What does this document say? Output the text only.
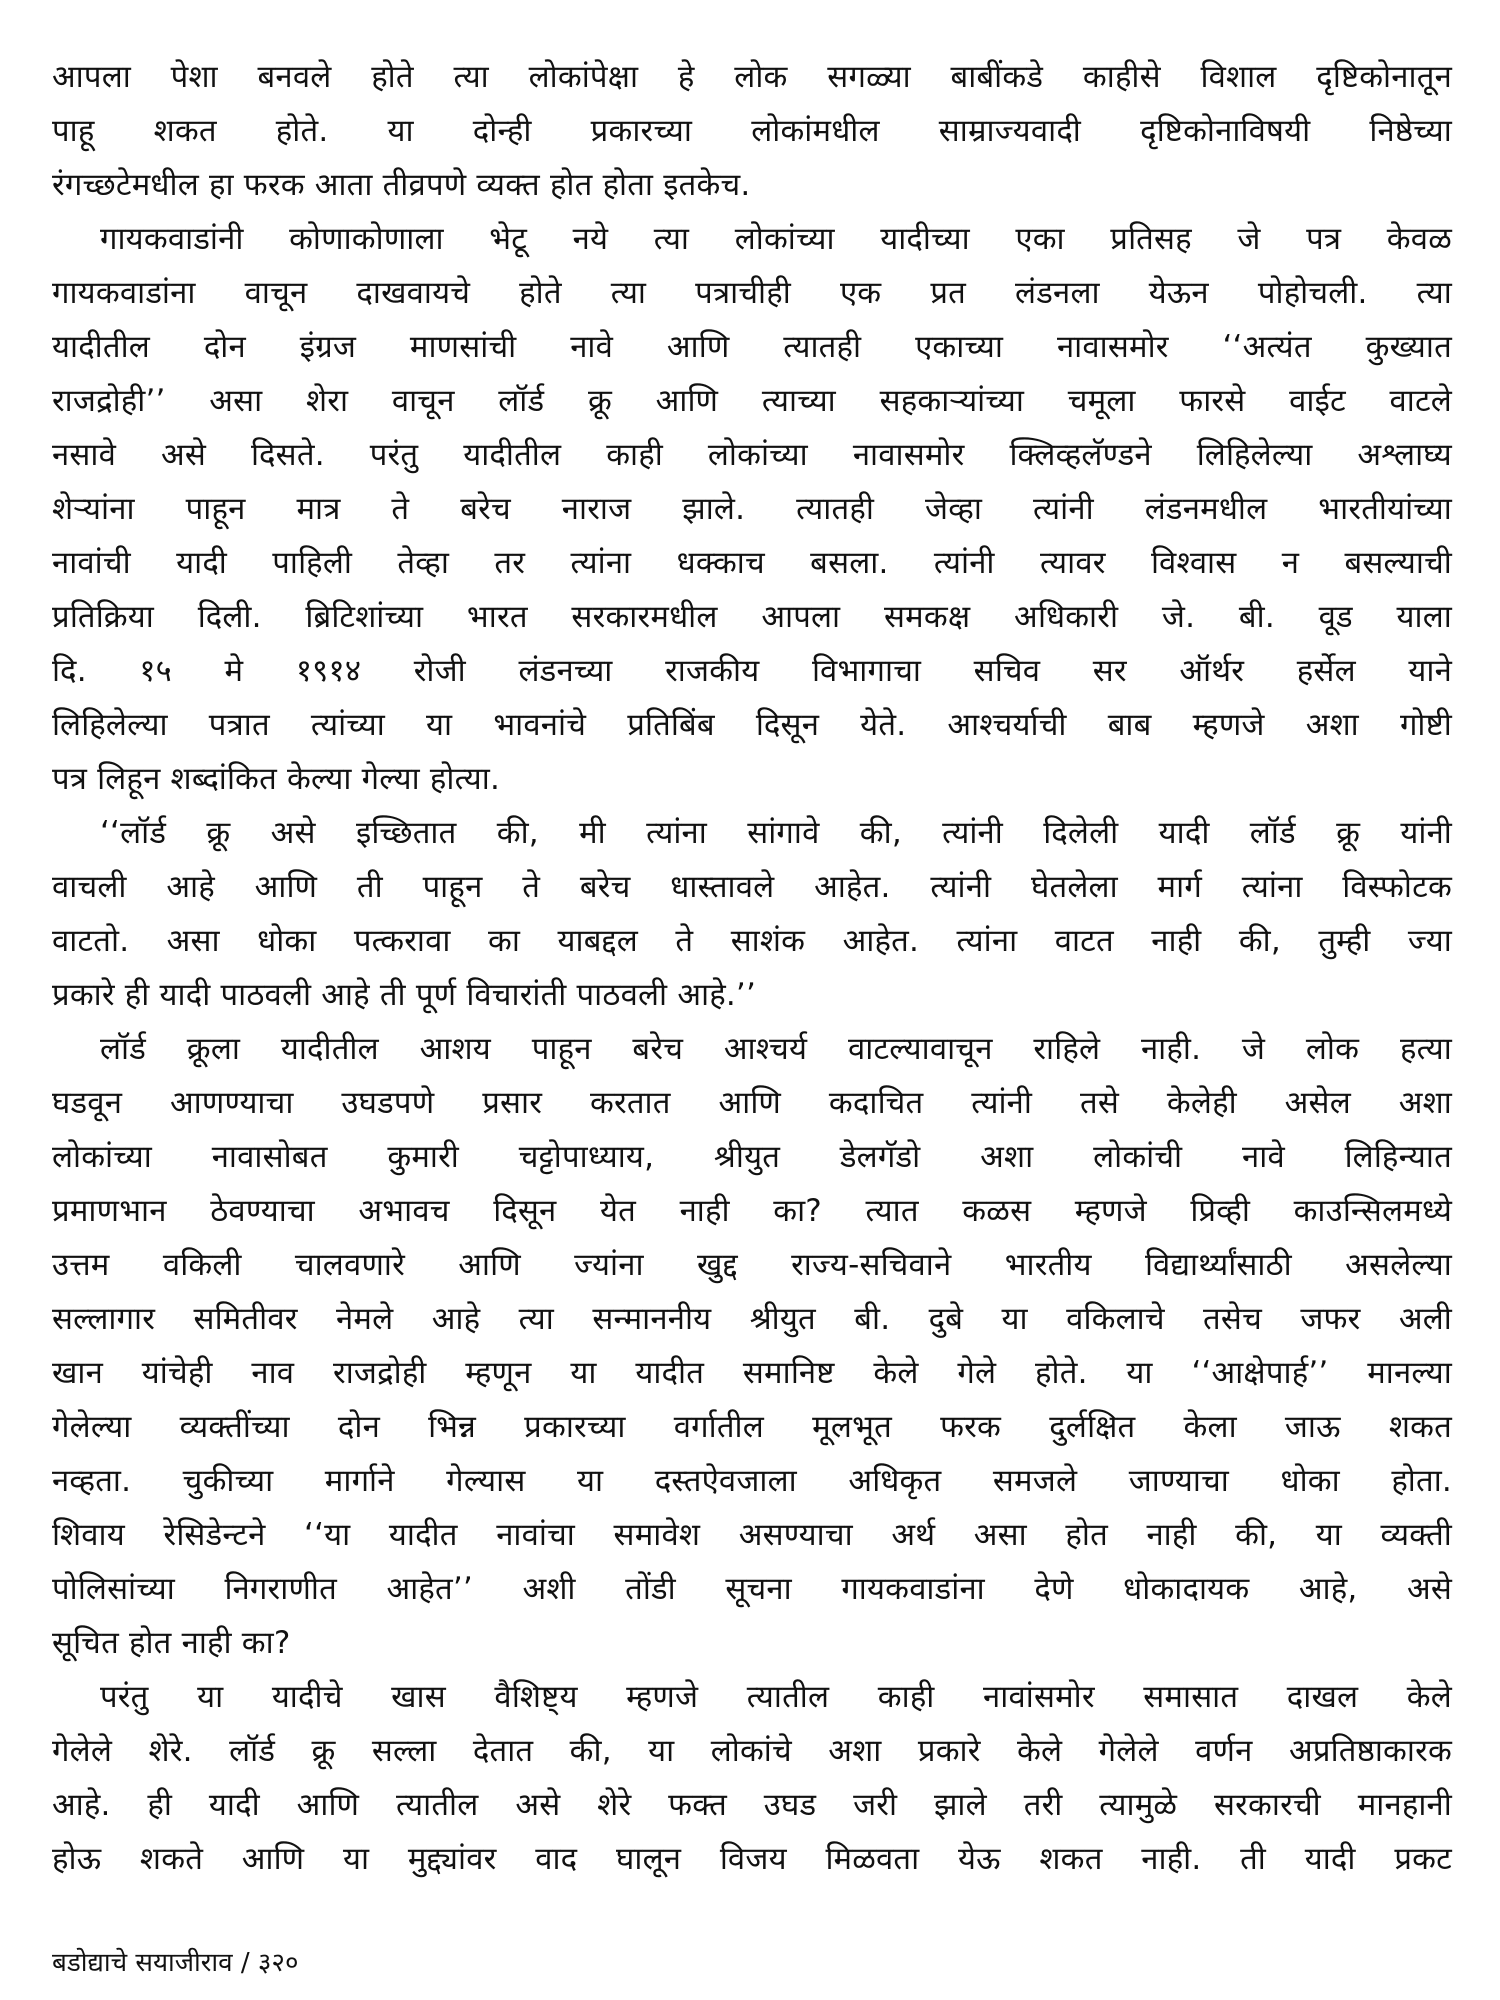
आपला पेशा बनवले होते त्या लोकांपेक्षा हे लोक सगळ्या बाबींकडे काहीसे विशाल दृष्टिकोनातून
पाहू शकत होते. या दोन्ही प्रकारच्या लोकांमधील साम्राज्यवादी दृष्टिकोनाविषयी निष्ठेच्या
रंगच्छटेमधील हा फरक आता तीव्रपणे व्यक्त होत होता इतकेच.
गायकवाडांनी कोणाकोणाला भेटू नये त्या लोकांच्या यादीच्या एका प्रतिसह जे पत्र केवळ
गायकवाडांना वाचून दाखवायचे होते त्या पत्राचीही एक प्रत लंडनला येऊन पोहोचली. त्या
यादीतील दोन इंग्रज माणसांची नावे आणि त्यातही एकाच्या नावासमोर ‘‘अत्यंत कुख्यात
राजद्रोही’’ असा शेरा वाचून लॉर्ड क्रू आणि त्याच्या सहकाऱ्यांच्या चमूला फारसे वाईट वाटले
नसावे असे दिसते. परंतु यादीतील काही लोकांच्या नावासमोर क्लिव्हलॅण्डने लिहिलेल्या अश्लाघ्य
शेऱ्यांना पाहून मात्र ते बरेच नाराज झाले. त्यातही जेव्हा त्यांनी लंडनमधील भारतीयांच्या
नावांची यादी पाहिली तेव्हा तर त्यांना धक्काच बसला. त्यांनी त्यावर विश्वास न बसल्याची
प्रतिक्रिया दिली. ब्रिटिशांच्या भारत सरकारमधील आपला समकक्ष अधिकारी जे. बी. वूड याला
दि. १५ मे १९१४ रोजी लंडनच्या राजकीय विभागाचा सचिव सर ऑर्थर हर्सेल याने
लिहिलेल्या पत्रात त्यांच्या या भावनांचे प्रतिबिंब दिसून येते. आश्चर्याची बाब म्हणजे अशा गोष्टी
पत्र लिहून शब्दांकित केल्या गेल्या होत्या.
‘‘लॉर्ड क्रू असे इच्छितात की, मी त्यांना सांगावे की, त्यांनी दिलेली यादी लॉर्ड क्रू यांनी
वाचली आहे आणि ती पाहून ते बरेच धास्तावले आहेत. त्यांनी घेतलेला मार्ग त्यांना विस्फोटक
वाटतो. असा धोका पत्करावा का याबद्दल ते साशंक आहेत. त्यांना वाटत नाही की, तुम्ही ज्या
प्रकारे ही यादी पाठवली आहे ती पूर्ण विचारांती पाठवली आहे.’’
लॉर्ड क्रूला यादीतील आशय पाहून बरेच आश्चर्य वाटल्यावाचून राहिले नाही. जे लोक हत्या
घडवून आणण्याचा उघडपणे प्रसार करतात आणि कदाचित त्यांनी तसे केलेही असेल अशा
लोकांच्या नावासोबत कुमारी चट्टोपाध्याय, श्रीयुत डेलगॅडो अशा लोकांची नावे लिहिन्यात
प्रमाणभान ठेवण्याचा अभावच दिसून येत नाही का? त्यात कळस म्हणजे प्रिव्ही काउन्सिलमध्ये
उत्तम वकिली चालवणारे आणि ज्यांना खुद्द राज्य-सचिवाने भारतीय विद्यार्थ्यांसाठी असलेल्या
सल्लागार समितीवर नेमले आहे त्या सन्माननीय श्रीयुत बी. दुबे या वकिलाचे तसेच जफर अली
खान यांचेही नाव राजद्रोही म्हणून या यादीत समानिष्ट केले गेले होते. या ‘‘आक्षेपार्ह’’ मानल्या
गेलेल्या व्यक्तींच्या दोन भिन्न प्रकारच्या वर्गातील मूलभूत फरक दुर्लक्षित केला जाऊ शकत
नव्हता. चुकीच्या मार्गाने गेल्यास या दस्तऐवजाला अधिकृत समजले जाण्याचा धोका होता.
शिवाय रेसिडेन्टने ‘‘या यादीत नावांचा समावेश असण्याचा अर्थ असा होत नाही की, या व्यक्ती
पोलिसांच्या निगराणीत आहेत’’ अशी तोंडी सूचना गायकवाडांना देणे धोकादायक आहे, असे
सूचित होत नाही का?
परंतु या यादीचे खास वैशिष्ट्य म्हणजे त्यातील काही नावांसमोर समासात दाखल केले
गेलेले शेरे. लॉर्ड क्रू सल्ला देतात की, या लोकांचे अशा प्रकारे केले गेलेले वर्णन अप्रतिष्ठाकारक
आहे. ही यादी आणि त्यातील असे शेरे फक्त उघड जरी झाले तरी त्यामुळे सरकारची मानहानी
होऊ शकते आणि या मुद्द्यांवर वाद घालून विजय मिळवता येऊ शकत नाही. ती यादी प्रकट
बडोद्याचे सयाजीराव / ३२०
